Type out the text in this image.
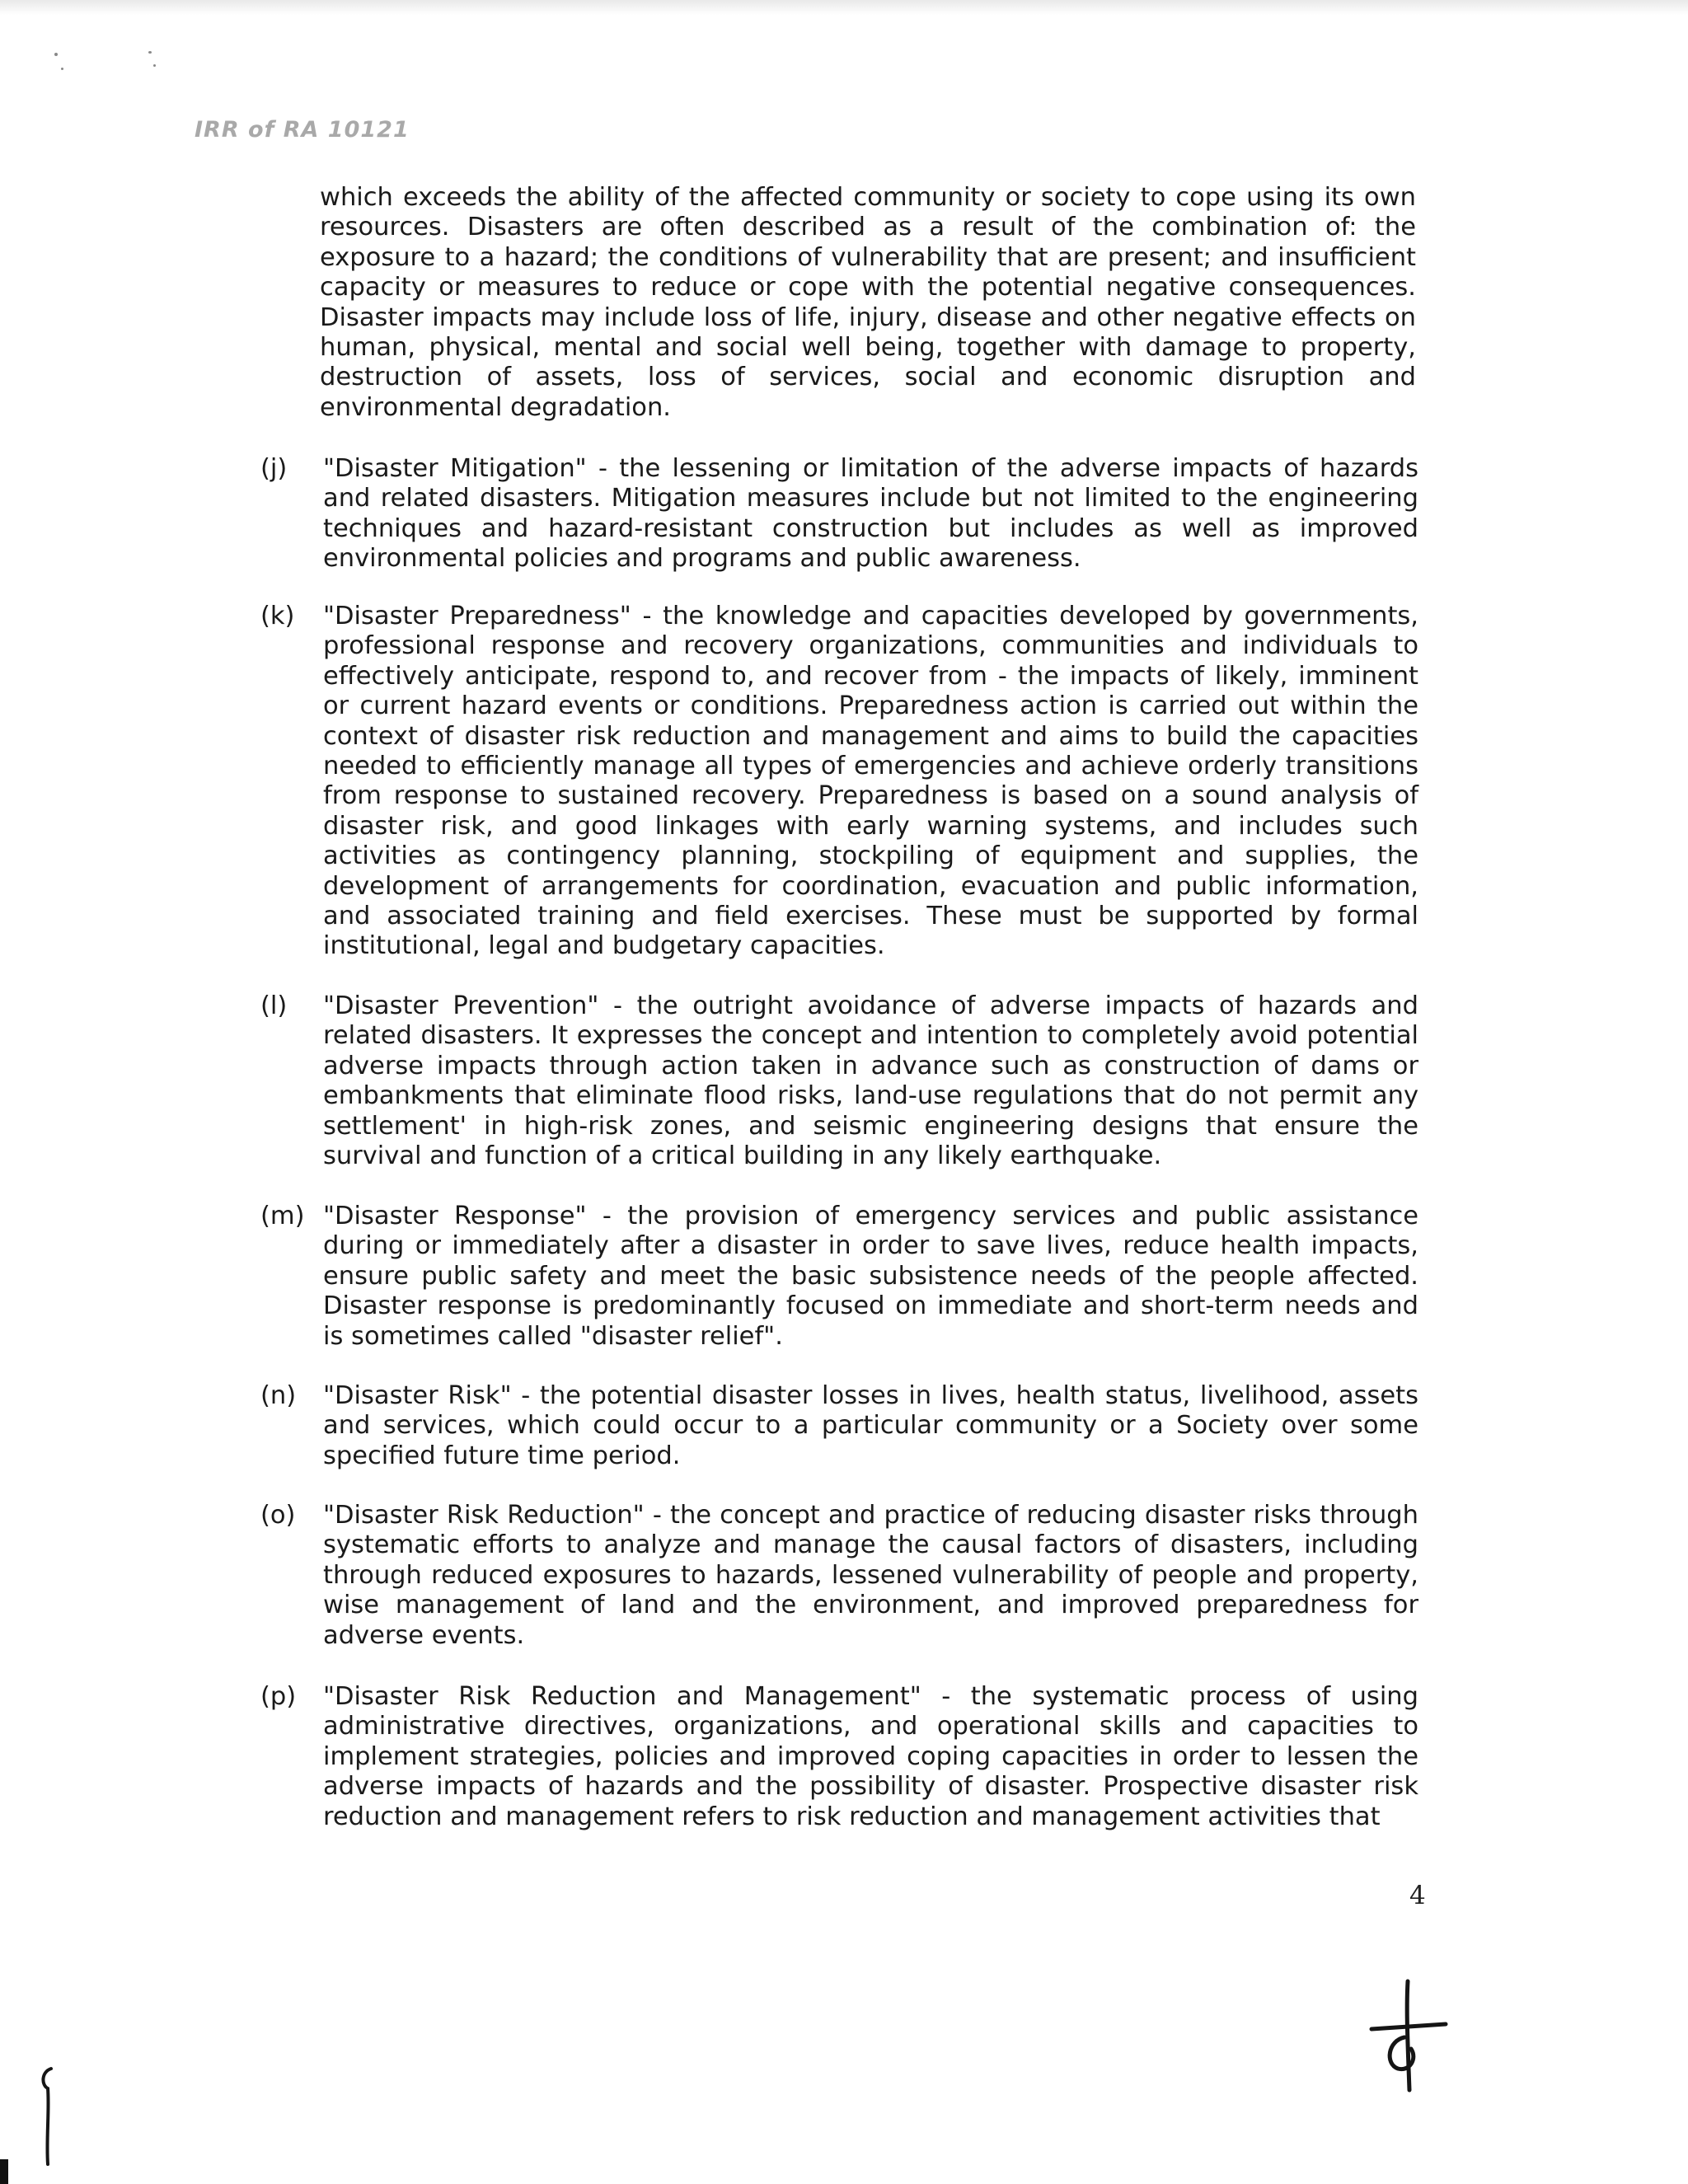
IRR of RA 10121
which exceeds the ability of the affected community or society to cope using its own resources. Disasters are often described as a result of the combination of: the exposure to a hazard; the conditions of vulnerability that are present; and insufficient capacity or measures to reduce or cope with the potential negative consequences. Disaster impacts may include loss of life, injury, disease and other negative effects on human, physical, mental and social well being, together with damage to property, destruction of assets, loss of services, social and economic disruption and environmental degradation.
(j)	"Disaster Mitigation" - the lessening or limitation of the adverse impacts of hazards and related disasters. Mitigation measures include but not limited to the engineering techniques and hazard-resistant construction but includes as well as improved environmental policies and programs and public awareness.
(k)	"Disaster Preparedness" - the knowledge and capacities developed by governments, professional response and recovery organizations, communities and individuals to effectively anticipate, respond to, and recover from - the impacts of likely, imminent or current hazard events or conditions. Preparedness action is carried out within the context of disaster risk reduction and management and aims to build the capacities needed to efficiently manage all types of emergencies and achieve orderly transitions from response to sustained recovery. Preparedness is based on a sound analysis of disaster risk, and good linkages with early warning systems, and includes such activities as contingency planning, stockpiling of equipment and supplies, the development of arrangements for coordination, evacuation and public information, and associated training and field exercises. These must be supported by formal institutional, legal and budgetary capacities.
(l)	"Disaster Prevention" - the outright avoidance of adverse impacts of hazards and related disasters. It expresses the concept and intention to completely avoid potential adverse impacts through action taken in advance such as construction of dams or embankments that eliminate flood risks, land-use regulations that do not permit any settlement' in high-risk zones, and seismic engineering designs that ensure the survival and function of a critical building in any likely earthquake.
(m) "Disaster Response" - the provision of emergency services and public assistance during or immediately after a disaster in order to save lives, reduce health impacts, ensure public safety and meet the basic subsistence needs of the people affected. Disaster response is predominantly focused on immediate and short-term needs and is sometimes called "disaster relief".
(n)	"Disaster Risk" - the potential disaster losses in lives, health status, livelihood, assets and services, which could occur to a particular community or a Society over some specified future time period.
(o)	"Disaster Risk Reduction" - the concept and practice of reducing disaster risks through systematic efforts to analyze and manage the causal factors of disasters, including through reduced exposures to hazards, lessened vulnerability of people and property, wise management of land and the environment, and improved preparedness for adverse events.
(p)	"Disaster Risk Reduction and Management" - the systematic process of using administrative directives, organizations, and operational skills and capacities to implement strategies, policies and improved coping capacities in order to lessen the adverse impacts of hazards and the possibility of disaster. Prospective disaster risk reduction and management refers to risk reduction and management activities that
4
